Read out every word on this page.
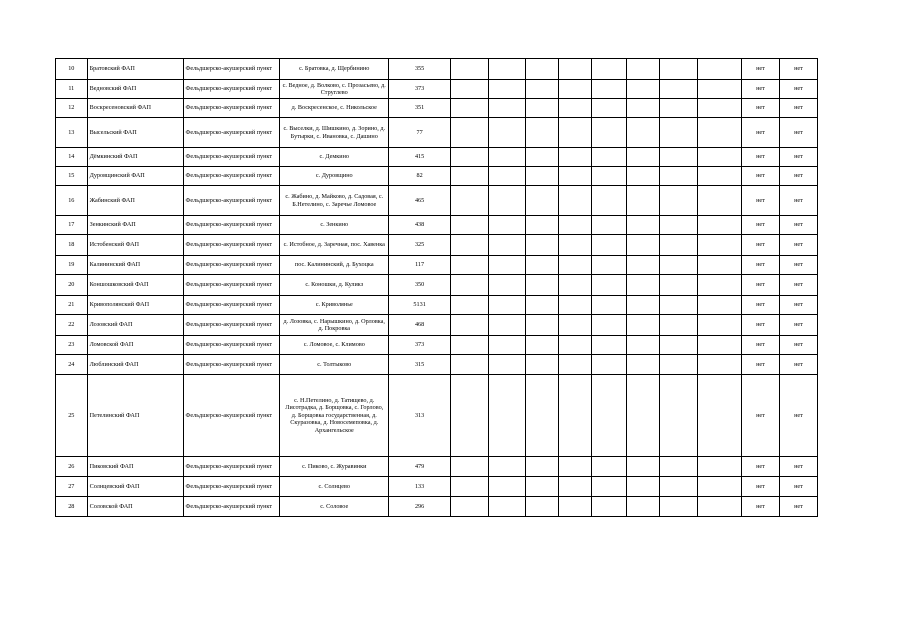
10	Братовский ФАП	Фельдшерско-акушерский пункт	с. Братовка, д. Щербинино	355									нет	нет
11	Ведновский ФАП	Фельдшерско-акушерский пункт	с. Ведное, д. Волково, с. Прозасьево, д. Струглево	373									нет	нет
12	Воскресеновский ФАП	Фельдшерско-акушерский пункт	д. Воскресенское, с. Никольское	351									нет	нет
13	Высельский ФАП	Фельдшерско-акушерский пункт	с. Выселки, д. Шишкино, д. Зорино, д. Бутырки, с. Ивановка, с. Дашино	77									нет	нет
14	Дёмкинский ФАП	Фельдшерско-акушерский пункт	с. Демкино	415									нет	нет
15	Дуровщинский ФАП	Фельдшерско-акушерский пункт	с. Дуровщино	82									нет	нет
16	Жабинский ФАП	Фельдшерско-акушерский пункт	с. Жабино, д. Майково, д. Садовая, с. Б.Нетелино, с. Заречье Ломовое	465									нет	нет
17	Зенкинский ФАП	Фельдшерско-акушерский пункт	с. Зенкино	438									нет	нет
18	Истобенский ФАП	Фельдшерско-акушерский пункт	с. Истобное, д. Заречная, пос. Хавенка	325									нет	нет
19	Калининский ФАП	Фельдшерско-акушерский пункт	пос. Калининский, д. Бухоцка	117									нет	нет
20	Коншошковский ФАП	Фельдшерско-акушерский пункт	с. Коношки, д. Куликз	350									нет	нет
21	Кривополянский ФАП	Фельдшерско-акушерский пункт	с. Криволянье	5131									нет	нет
22	Лозовский ФАП	Фельдшерско-акушерский пункт	д. Лозовка, с. Нарышкино, д. Орловка, д. Покровка	468									нет	нет
23	Ломовской ФАП	Фельдшерско-акушерский пункт	с. Ломовое, с. Климово	373									нет	нет
24	Люблинский ФАП	Фельдшерско-акушерский пункт	с. Толтыково	315									нет	нет
25	Петелинский ФАП	Фельдшерско-акушерский пункт	с. Н.Петелино, д. Татищево, д. Лисотрадка, д. Борщовка, с. Горлово, д. Борщовка государственная, д. Скуразовка, д. Новосемеповка, д. Архангельское	313									нет	нет
26	Пиковский ФАП	Фельдшерско-акушерский пункт	с. Пиково, с. Журавинки	479									нет	нет
27	Солнцевский ФАП	Фельдшерско-акушерский пункт	с. Солнцево	133									нет	нет
28	Соловской ФАП	Фельдшерско-акушерский пункт	с. Соловое	296									нет	нет
